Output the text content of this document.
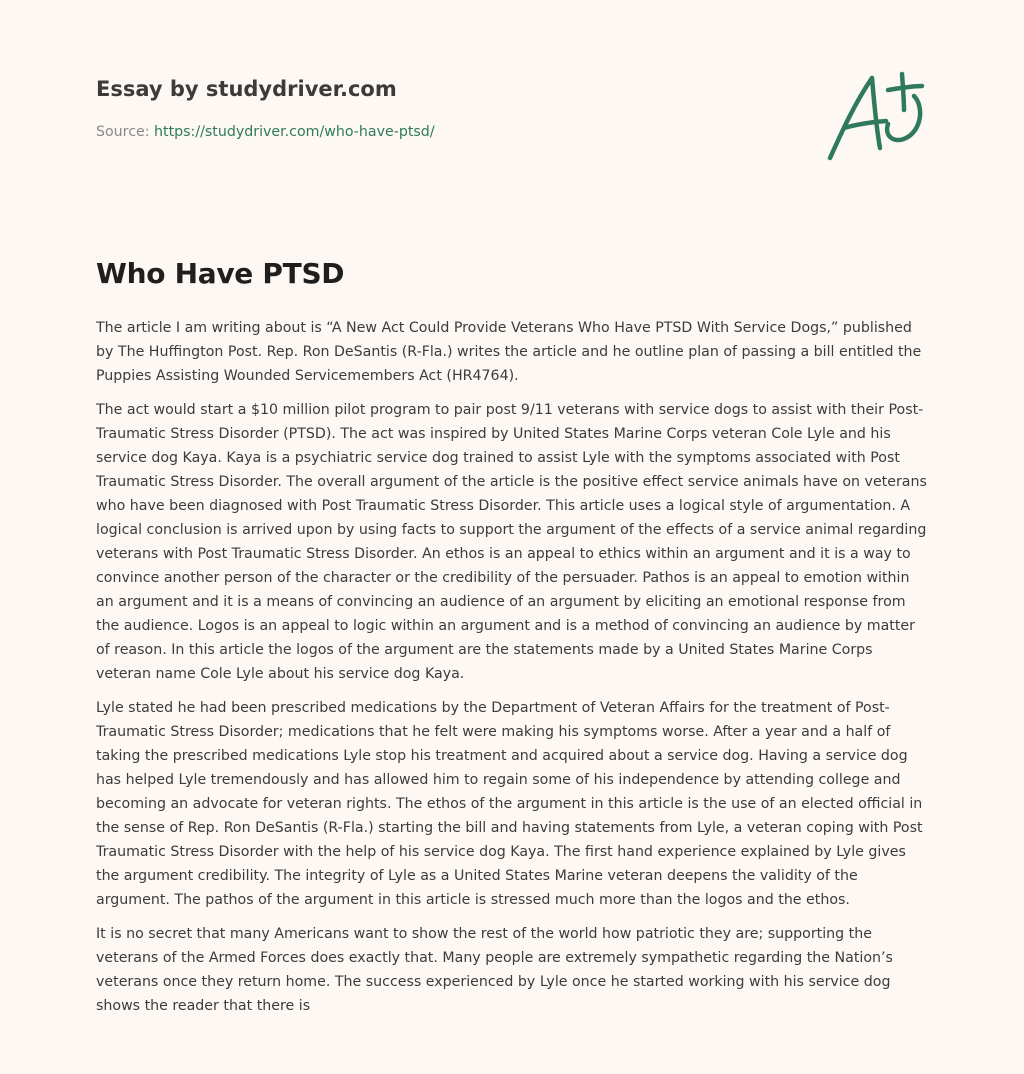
Essay by studydriver.com
Source: https://studydriver.com/who-have-ptsd/
Who Have PTSD

The article I am writing about is “A New Act Could Provide Veterans Who Have PTSD With Service Dogs,” published by The Huffington Post. Rep. Ron DeSantis (R-Fla.) writes the article and he outline plan of passing a bill entitled the Puppies Assisting Wounded Servicemembers Act (HR4764).

The act would start a $10 million pilot program to pair post 9/11 veterans with service dogs to assist with their Post-Traumatic Stress Disorder (PTSD). The act was inspired by United States Marine Corps veteran Cole Lyle and his service dog Kaya. Kaya is a psychiatric service dog trained to assist Lyle with the symptoms associated with Post Traumatic Stress Disorder. The overall argument of the article is the positive effect service animals have on veterans who have been diagnosed with Post Traumatic Stress Disorder. This article uses a logical style of argumentation. A logical conclusion is arrived upon by using facts to support the argument of the effects of a service animal regarding veterans with Post Traumatic Stress Disorder. An ethos is an appeal to ethics within an argument and it is a way to convince another person of the character or the credibility of the persuader. Pathos is an appeal to emotion within an argument and it is a means of convincing an audience of an argument by eliciting an emotional response from the audience. Logos is an appeal to logic within an argument and is a method of convincing an audience by matter of reason. In this article the logos of the argument are the statements made by a United States Marine Corps veteran name Cole Lyle about his service dog Kaya.

Lyle stated he had been prescribed medications by the Department of Veteran Affairs for the treatment of Post-Traumatic Stress Disorder; medications that he felt were making his symptoms worse. After a year and a half of taking the prescribed medications Lyle stop his treatment and acquired about a service dog. Having a service dog has helped Lyle tremendously and has allowed him to regain some of his independence by attending college and becoming an advocate for veteran rights. The ethos of the argument in this article is the use of an elected official in the sense of Rep. Ron DeSantis (R-Fla.) starting the bill and having statements from Lyle, a veteran coping with Post Traumatic Stress Disorder with the help of his service dog Kaya. The first hand experience explained by Lyle gives the argument credibility. The integrity of Lyle as a United States Marine veteran deepens the validity of the argument. The pathos of the argument in this article is stressed much more than the logos and the ethos.

It is no secret that many Americans want to show the rest of the world how patriotic they are; supporting the veterans of the Armed Forces does exactly that. Many people are extremely sympathetic regarding the Nation’s veterans once they return home. The success experienced by Lyle once he started working with his service dog shows the reader that there is
